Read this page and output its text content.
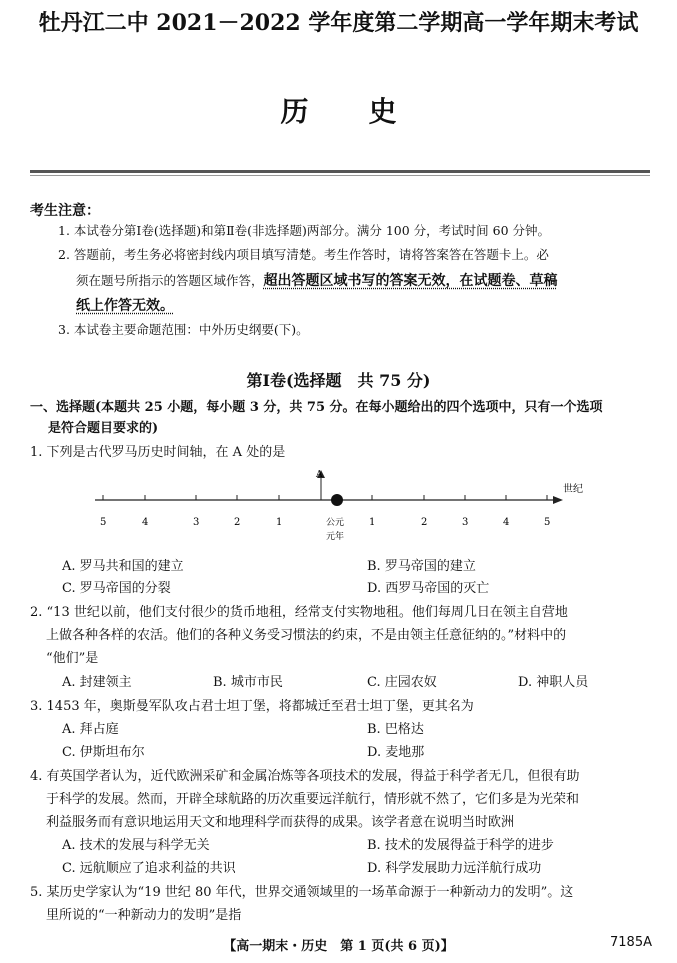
牡丹江二中 2021－2022 学年度第二学期高一学年期末考试
历史
考生注意：
1. 本试卷分第Ⅰ卷(选择题)和第Ⅱ卷(非选择题)两部分。满分 100 分，考试时间 60 分钟。
2. 答题前，考生务必将密封线内项目填写清楚。考生作答时，请将答案答在答题卡上。必
须在题号所指示的答题区域作答，超出答题区域书写的答案无效，在试题卷、草稿
纸上作答无效。
3. 本试卷主要命题范围：中外历史纲要(下)。
第Ⅰ卷(选择题　共 75 分)
一、选择题(本题共 25 小题，每小题 3 分，共 75 分。在每小题给出的四个选项中，只有一个选项
是符合题目要求的)
1. 下列是古代罗马历史时间轴，在 A 处的是
A
世纪
5	4	3	2	1	公元
元年
1	2	3	4	5
A. 罗马共和国的建立	B. 罗马帝国的建立
C. 罗马帝国的分裂	D. 西罗马帝国的灭亡
2. “13 世纪以前，他们支付很少的货币地租，经常支付实物地租。他们每周几日在领主自营地
上做各种各样的农活。他们的各种义务受习惯法的约束，不是由领主任意征纳的。”材料中的
“他们”是
A. 封建领主	B. 城市市民	C. 庄园农奴	D. 神职人员
3. 1453 年，奥斯曼军队攻占君士坦丁堡，将都城迁至君士坦丁堡，更其名为
A. 拜占庭	B. 巴格达
C. 伊斯坦布尔	D. 麦地那
4. 有英国学者认为，近代欧洲采矿和金属冶炼等各项技术的发展，得益于科学者无几，但很有助
于科学的发展。然而，开辟全球航路的历次重要远洋航行，情形就不然了，它们多是为光荣和
利益服务而有意识地运用天文和地理科学而获得的成果。该学者意在说明当时欧洲
A. 技术的发展与科学无关	B. 技术的发展得益于科学的进步
C. 远航顺应了追求利益的共识	D. 科学发展助力远洋航行成功
5. 某历史学家认为“19 世纪 80 年代，世界交通领域里的一场革命源于一种新动力的发明”。这
里所说的“一种新动力的发明”是指
【高一期末・历史　第 1 页(共 6 页)】	7185A
